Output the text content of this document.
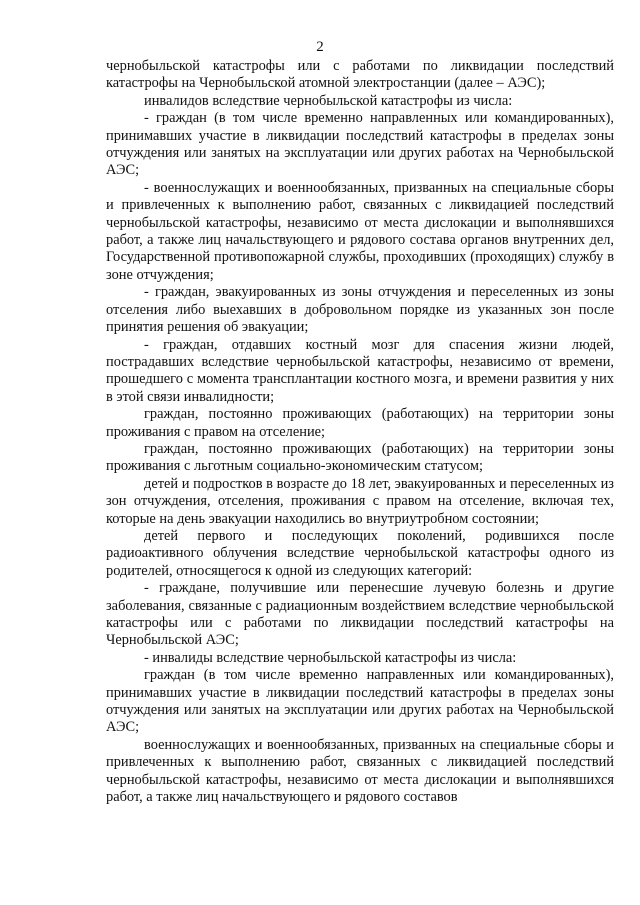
2

чернобыльской катастрофы или с работами по ликвидации последствий катастрофы на Чернобыльской атомной электростанции (далее – АЭС);

инвалидов вследствие чернобыльской катастрофы из числа:

- граждан (в том числе временно направленных или командированных), принимавших участие в ликвидации последствий катастрофы в пределах зоны отчуждения или занятых на эксплуатации или других работах на Чернобыльской АЭС;

- военнослужащих и военнообязанных, призванных на специальные сборы и привлеченных к выполнению работ, связанных с ликвидацией последствий чернобыльской катастрофы, независимо от места дислокации и выполнявшихся работ, а также лиц начальствующего и рядового состава органов внутренних дел, Государственной противопожарной службы, проходивших (проходящих) службу в зоне отчуждения;

- граждан, эвакуированных из зоны отчуждения и переселенных из зоны отселения либо выехавших в добровольном порядке из указанных зон после принятия решения об эвакуации;

- граждан, отдавших костный мозг для спасения жизни людей, пострадавших вследствие чернобыльской катастрофы, независимо от времени, прошедшего с момента трансплантации костного мозга, и времени развития у них в этой связи инвалидности;

граждан, постоянно проживающих (работающих) на территории зоны проживания с правом на отселение;

граждан, постоянно проживающих (работающих) на территории зоны проживания с льготным социально-экономическим статусом;

детей и подростков в возрасте до 18 лет, эвакуированных и переселенных из зон отчуждения, отселения, проживания с правом на отселение, включая тех, которые на день эвакуации находились во внутриутробном состоянии;

детей первого и последующих поколений, родившихся после радиоактивного облучения вследствие чернобыльской катастрофы одного из родителей, относящегося к одной из следующих категорий:

- граждане, получившие или перенесшие лучевую болезнь и другие заболевания, связанные с радиационным воздействием вследствие чернобыльской катастрофы или с работами по ликвидации последствий катастрофы на Чернобыльской АЭС;

- инвалиды вследствие чернобыльской катастрофы из числа:

граждан (в том числе временно направленных или командированных), принимавших участие в ликвидации последствий катастрофы в пределах зоны отчуждения или занятых на эксплуатации или других работах на Чернобыльской АЭС;

военнослужащих и военнообязанных, призванных на специальные сборы и привлеченных к выполнению работ, связанных с ликвидацией последствий чернобыльской катастрофы, независимо от места дислокации и выполнявшихся работ, а также лиц начальствующего и рядового составов
